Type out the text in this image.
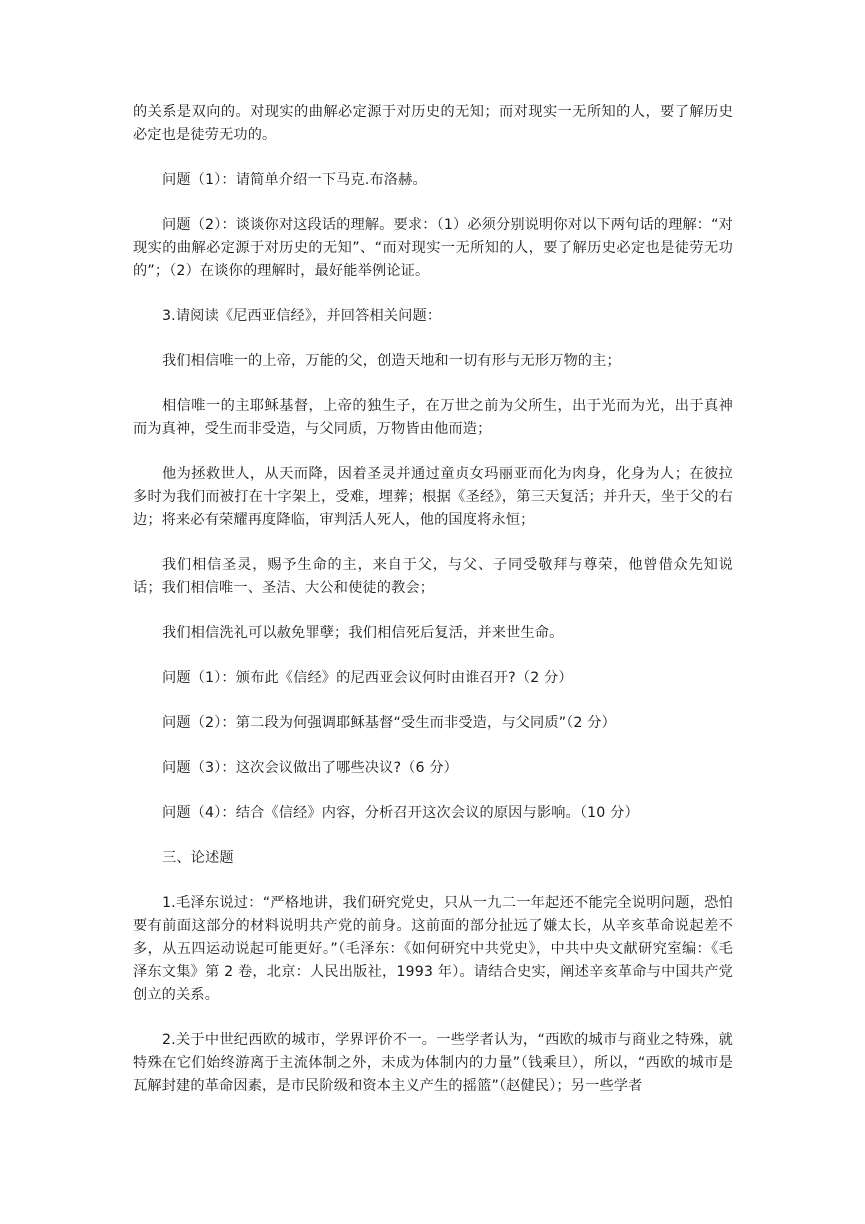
的关系是双向的。对现实的曲解必定源于对历史的无知；而对现实一无所知的人，要了解历史必定也是徒劳无功的。

问题（1）：请简单介绍一下马克.布洛赫。

问题（2）：谈谈你对这段话的理解。要求：（1）必须分别说明你对以下两句话的理解：“对现实的曲解必定源于对历史的无知”、“而对现实一无所知的人，要了解历史必定也是徒劳无功的”；（2）在谈你的理解时，最好能举例论证。

3.请阅读《尼西亚信经》，并回答相关问题：

我们相信唯一的上帝，万能的父，创造天地和一切有形与无形万物的主；

相信唯一的主耶稣基督，上帝的独生子，在万世之前为父所生，出于光而为光，出于真神而为真神，受生而非受造，与父同质，万物皆由他而造；

他为拯救世人，从天而降，因着圣灵并通过童贞女玛丽亚而化为肉身，化身为人；在彼拉多时为我们而被打在十字架上，受难，埋葬；根据《圣经》，第三天复活；并升天，坐于父的右边；将来必有荣耀再度降临，审判活人死人，他的国度将永恒；

我们相信圣灵，赐予生命的主，来自于父，与父、子同受敬拜与尊荣，他曾借众先知说话；我们相信唯一、圣洁、大公和使徒的教会；

我们相信洗礼可以赦免罪孽；我们相信死后复活，并来世生命。

问题（1）：颁布此《信经》的尼西亚会议何时由谁召开?（2 分）

问题（2）：第二段为何强调耶稣基督“受生而非受造，与父同质”（2 分）

问题（3）：这次会议做出了哪些决议?（6 分）

问题（4）：结合《信经》内容，分析召开这次会议的原因与影响。（10 分）

三、论述题

1.毛泽东说过：“严格地讲，我们研究党史，只从一九二一年起还不能完全说明问题，恐怕要有前面这部分的材料说明共产党的前身。这前面的部分扯远了嫌太长，从辛亥革命说起差不多，从五四运动说起可能更好。”（毛泽东：《如何研究中共党史》，中共中央文献研究室编：《毛泽东文集》第 2 卷，北京：人民出版社，1993 年）。请结合史实，阐述辛亥革命与中国共产党创立的关系。

2.关于中世纪西欧的城市，学界评价不一。一些学者认为，“西欧的城市与商业之特殊，就特殊在它们始终游离于主流体制之外，未成为体制内的力量”（钱乘旦），所以，“西欧的城市是瓦解封建的革命因素，是市民阶级和资本主义产生的摇篮”（赵健民）；另一些学者
